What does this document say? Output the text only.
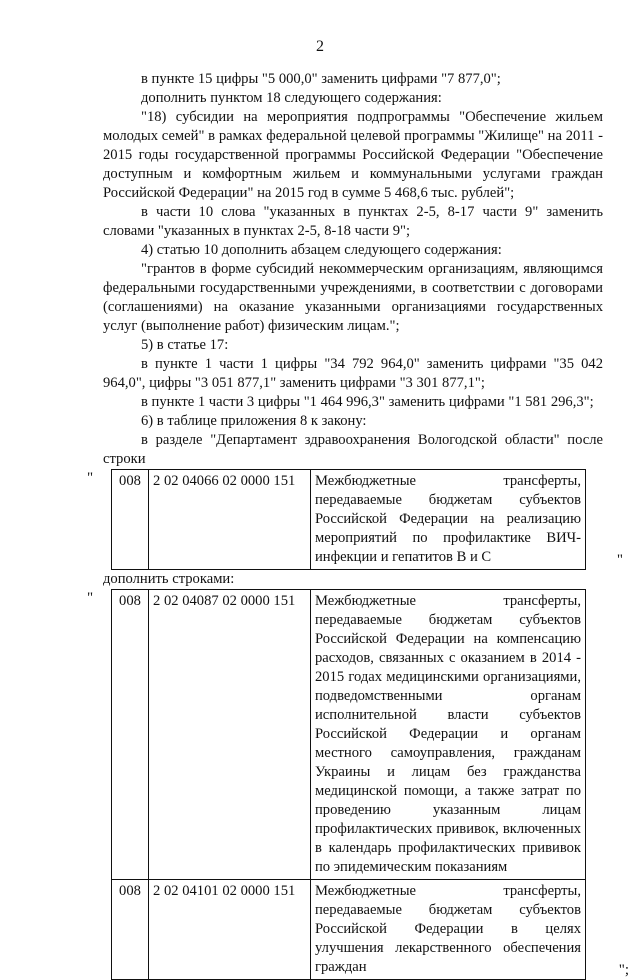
2
в пункте 15 цифры "5 000,0" заменить цифрами "7 877,0";
дополнить пунктом 18 следующего содержания:
"18) субсидии на мероприятия подпрограммы "Обеспечение жильем молодых семей" в рамках федеральной целевой программы "Жилище" на 2011 - 2015 годы государственной программы Российской Федерации "Обеспечение доступным и комфортным жильем и коммунальными услугами граждан Российской Федерации" на 2015 год в сумме 5 468,6 тыс. рублей";
в части 10 слова "указанных в пунктах 2-5, 8-17 части 9" заменить словами "указанных в пунктах 2-5, 8-18 части 9";
4) статью 10 дополнить абзацем следующего содержания:
"грантов в форме субсидий некоммерческим организациям, являющимся федеральными государственными учреждениями, в соответствии с договорами (соглашениями) на оказание указанными организациями государственных услуг (выполнение работ) физическим лицам.";
5) в статье 17:
в пункте 1 части 1 цифры "34 792 964,0" заменить цифрами "35 042 964,0", цифры "3 051 877,1" заменить цифрами "3 301 877,1";
в пункте 1 части 3 цифры "1 464 996,3" заменить цифрами "1 581 296,3";
6) в таблице приложения 8 к закону:
в разделе "Департамент здравоохранения Вологодской области" после строки
" 008	2 02 04066 02 0000 151	Межбюджетные трансферты, передаваемые бюджетам субъектов Российской Федерации на реализацию мероприятий по профилактике ВИЧ-инфекции и гепатитов В и С	"
дополнить строками:
" 008	2 02 04087 02 0000 151	Межбюджетные трансферты, передаваемые бюджетам субъектов Российской Федерации на компенсацию расходов, связанных с оказанием в 2014 - 2015 годах медицинскими организациями, подведомственными органам исполнительной власти субъектов Российской Федерации и органам местного самоуправления, гражданам Украины и лицам без гражданства медицинской помощи, а также затрат по проведению указанным лицам профилактических прививок, включенных в календарь профилактических прививок по эпидемическим показаниям
008	2 02 04101 02 0000 151	Межбюджетные трансферты, передаваемые бюджетам субъектов Российской Федерации в целях улучшения лекарственного обеспечения граждан	";
